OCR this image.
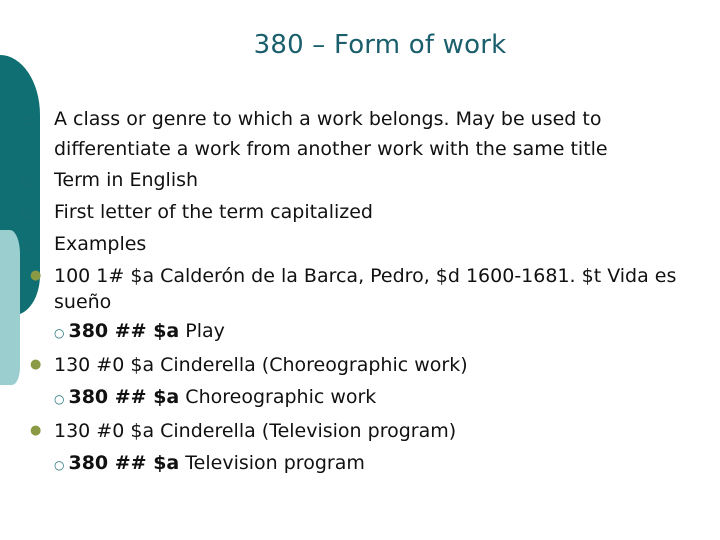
380 – Form of work
○ A class or genre to which a work belongs. May be used to differentiate a work from another work with the same title
○ Term in English
○ First letter of the term capitalized
○ Examples
● 100 1# $a Calderón de la Barca, Pedro, $d 1600-1681. $t Vida es sueño
○ 380 ## $a Play
● 130 #0 $a Cinderella (Choreographic work)
○ 380 ## $a Choreographic work
● 130 #0 $a Cinderella (Television program)
○ 380 ## $a Television program
